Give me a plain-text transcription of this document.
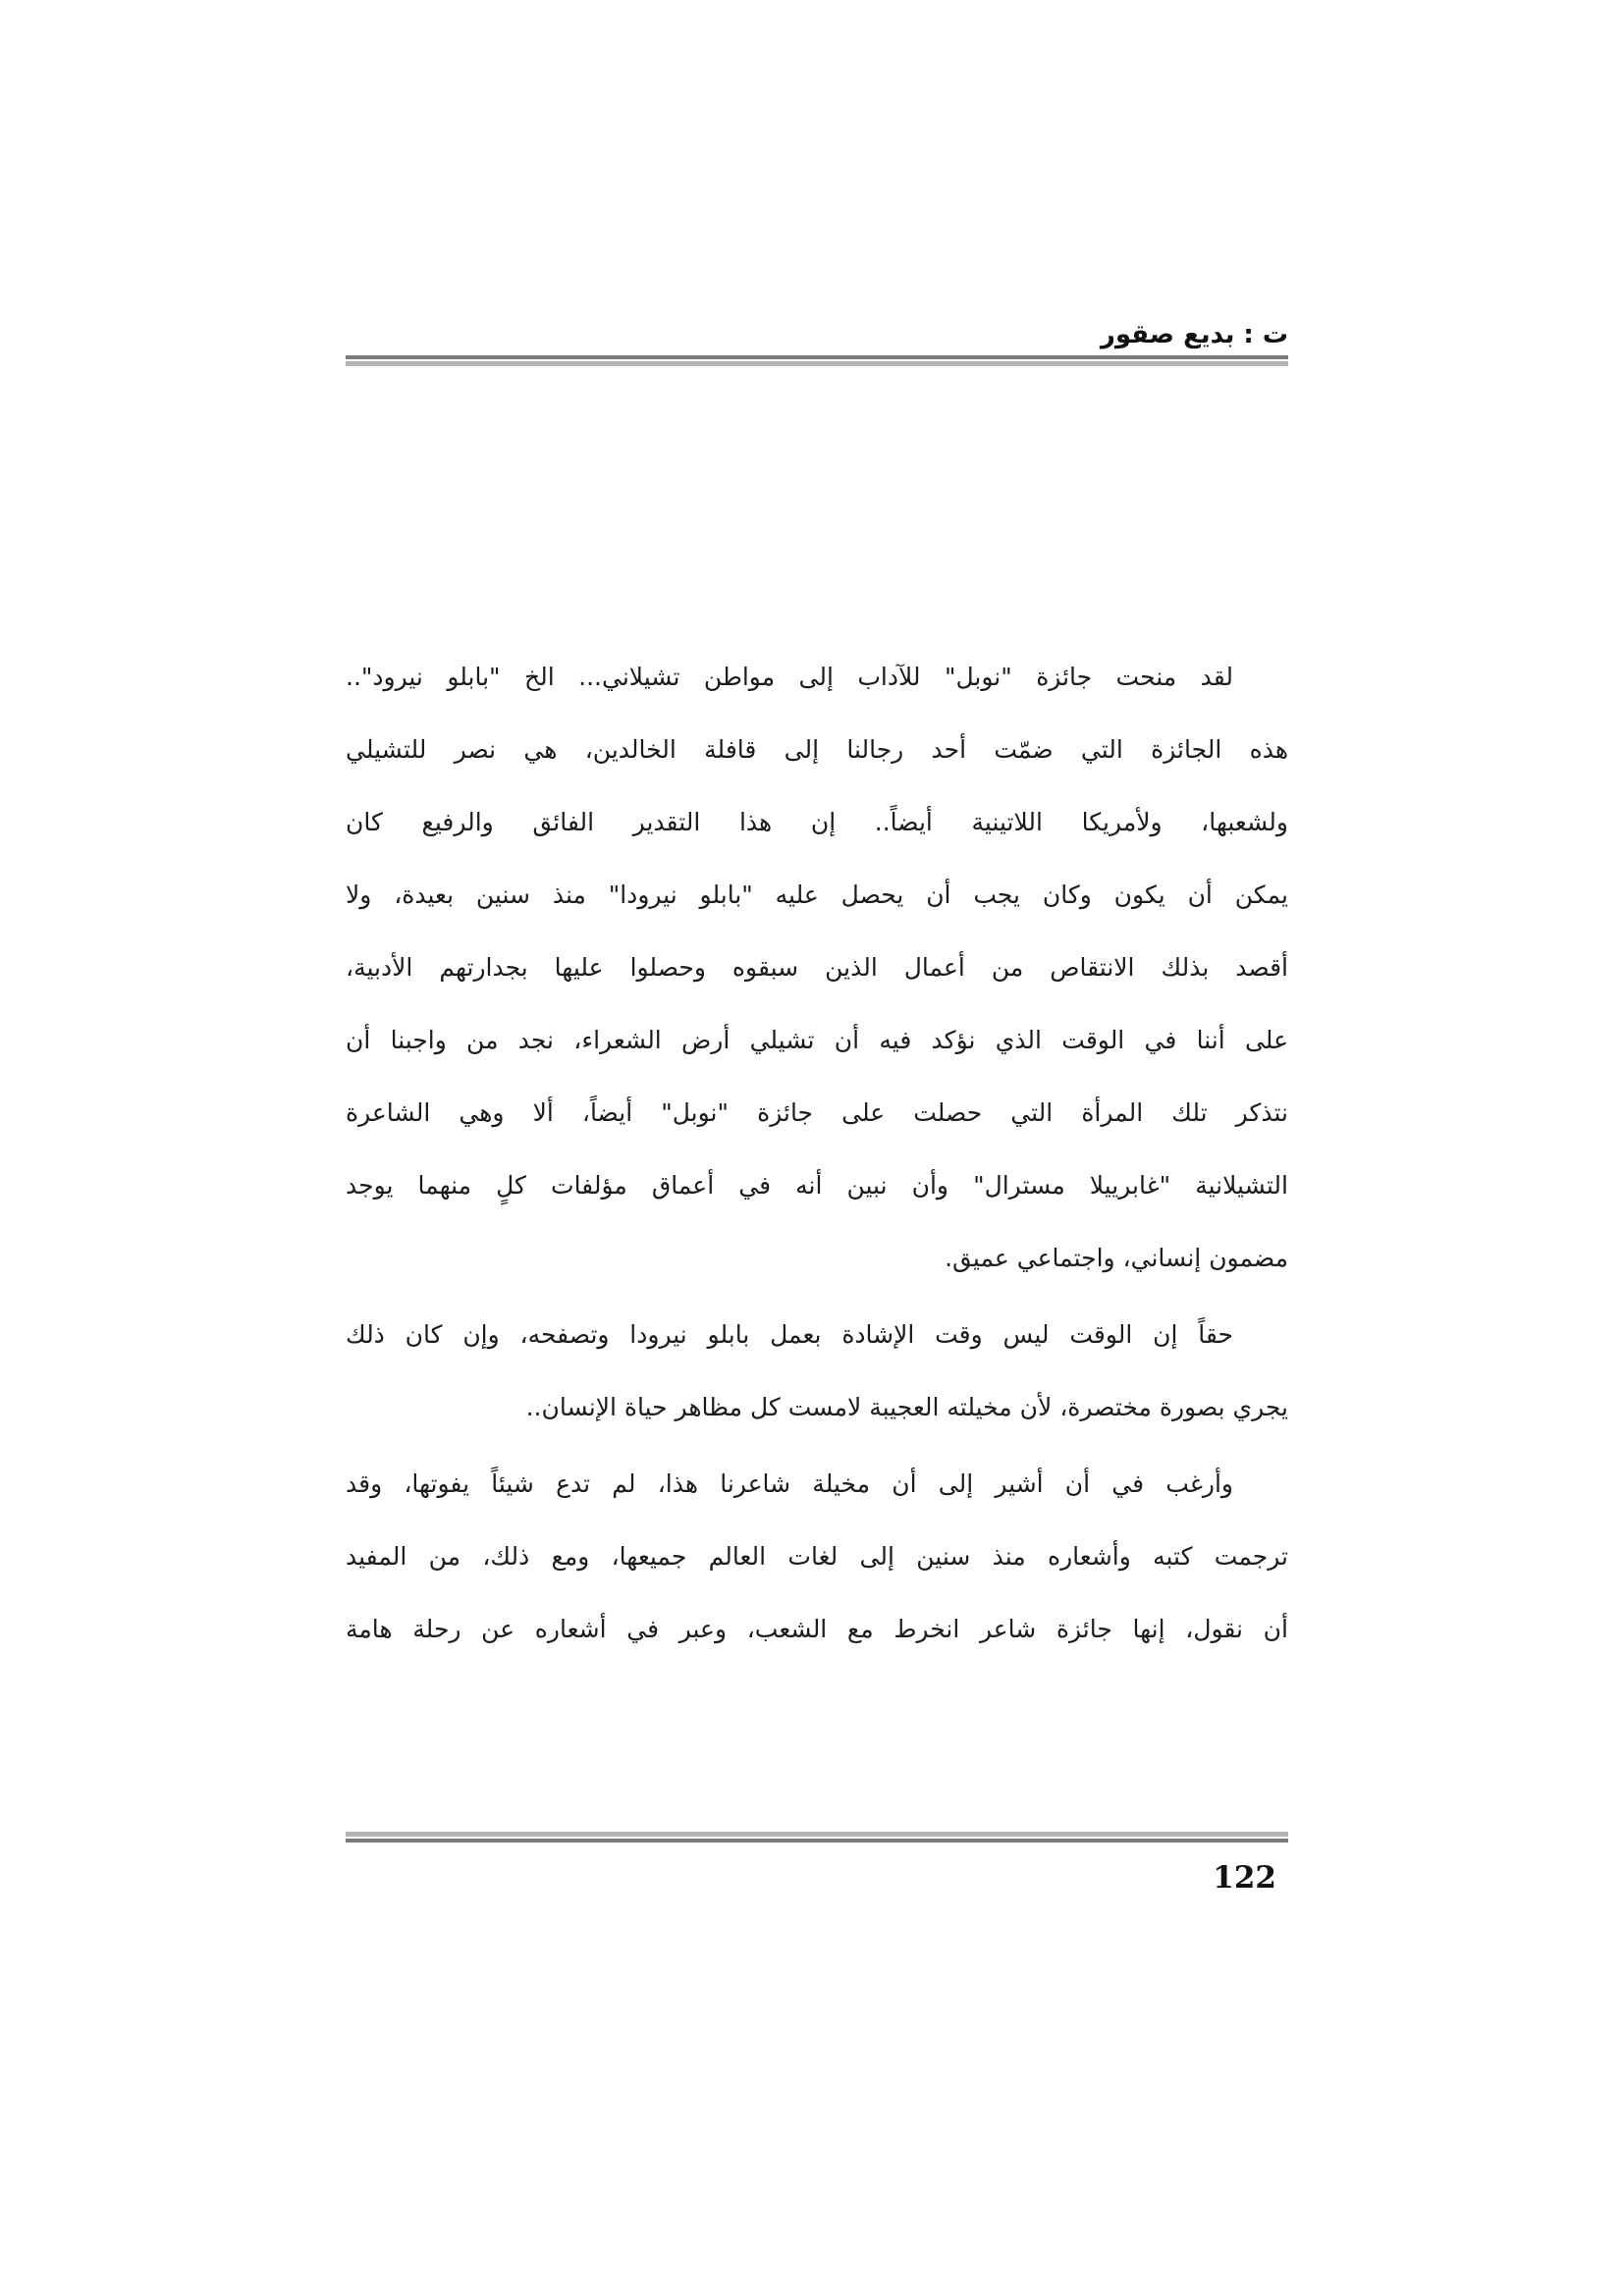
ت : بديع صقور
لقد منحت جائزة "نوبل" للآداب إلى مواطن تشيلاني... الخ "بابلو نيرود"..
هذه الجائزة التي ضمّت أحد رجالنا إلى قافلة الخالدين، هي نصر للتشيلي
ولشعبها، ولأمريكا اللاتينية أيضاً.. إن هذا التقدير الفائق والرفيع كان
يمكن أن يكون وكان يجب أن يحصل عليه "بابلو نيرودا" منذ سنين بعيدة، ولا
أقصد بذلك الانتقاص من أعمال الذين سبقوه وحصلوا عليها بجدارتهم الأدبية،
على أننا في الوقت الذي نؤكد فيه أن تشيلي أرض الشعراء، نجد من واجبنا أن
نتذكر تلك المرأة التي حصلت على جائزة "نوبل" أيضاً، ألا وهي الشاعرة
التشيلانية "غابرييلا مسترال" وأن نبين أنه في أعماق مؤلفات كلٍ منهما يوجد
مضمون إنساني، واجتماعي عميق.
حقاً إن الوقت ليس وقت الإشادة بعمل بابلو نيرودا وتصفحه، وإن كان ذلك
يجري بصورة مختصرة، لأن مخيلته العجيبة لامست كل مظاهر حياة الإنسان..
وأرغب في أن أشير إلى أن مخيلة شاعرنا هذا، لم تدع شيئاً يفوتها، وقد
ترجمت كتبه وأشعاره منذ سنين إلى لغات العالم جميعها، ومع ذلك، من المفيد
أن نقول، إنها جائزة شاعر انخرط مع الشعب، وعبر في أشعاره عن رحلة هامة
122
